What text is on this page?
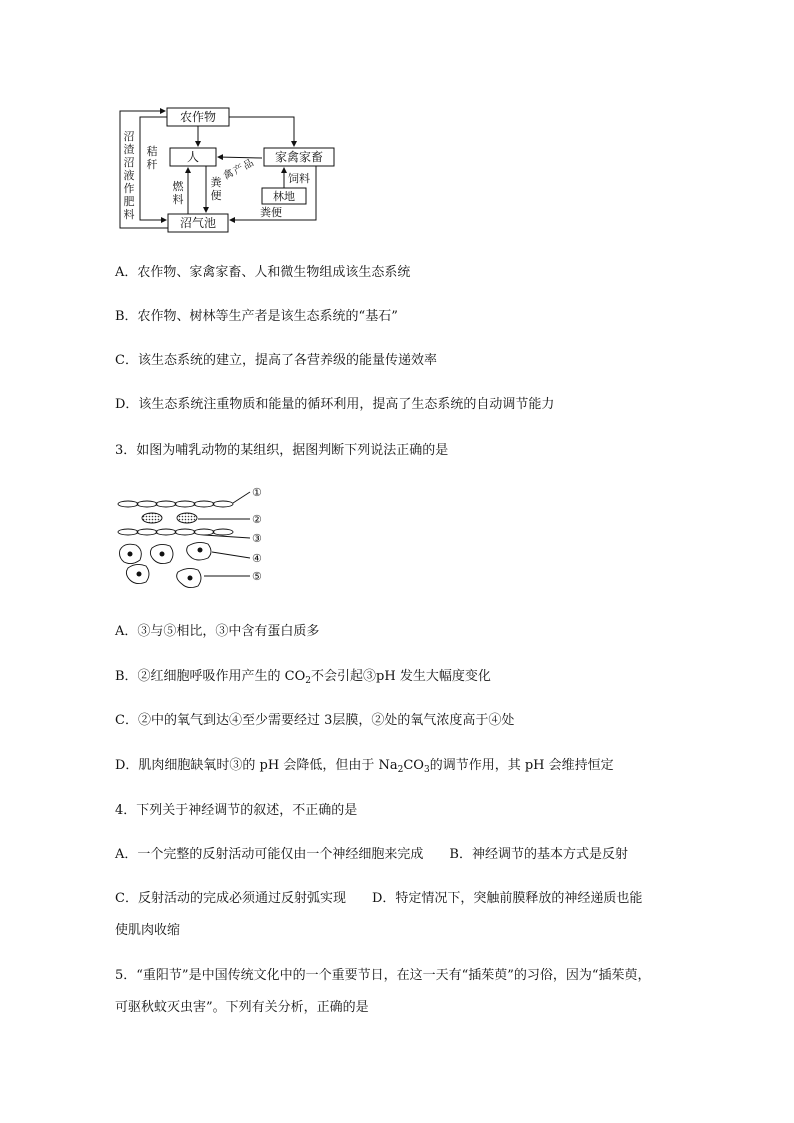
农作物
人	家禽家畜
林地
沼气池
沼
渣
沼
液
作
肥
料
秸
秆
燃
料
粪
便
禽
产
品
饲料
粪便
A．农作物、家禽家畜、人和微生物组成该生态系统
B．农作物、树林等生产者是该生态系统的“基石”
C．该生态系统的建立，提高了各营养级的能量传递效率
D．该生态系统注重物质和能量的循环利用，提高了生态系统的自动调节能力
3．如图为哺乳动物的某组织，据图判断下列说法正确的是
①
②
③
④
⑤
A．③与⑤相比，③中含有蛋白质多
B．②红细胞呼吸作用产生的 $CO_2$不会引起③pH 发生大幅度变化
C．②中的氧气到达④至少需要经过 3层膜，②处的氧气浓度高于④处
D．肌肉细胞缺氧时③的 pH 会降低，但由于 $Na_2CO_3$的调节作用，其 pH 会维持恒定
4．下列关于神经调节的叙述，不正确的是
A．一个完整的反射活动可能仅由一个神经细胞来完成　　B．神经调节的基本方式是反射
C．反射活动的完成必须通过反射弧实现　　D．特定情况下，突触前膜释放的神经递质也能
使肌肉收缩
5．“重阳节”是中国传统文化中的一个重要节日，在这一天有“插茱萸”的习俗，因为“插茱萸，
可驱秋蚊灭虫害”。下列有关分析，正确的是
